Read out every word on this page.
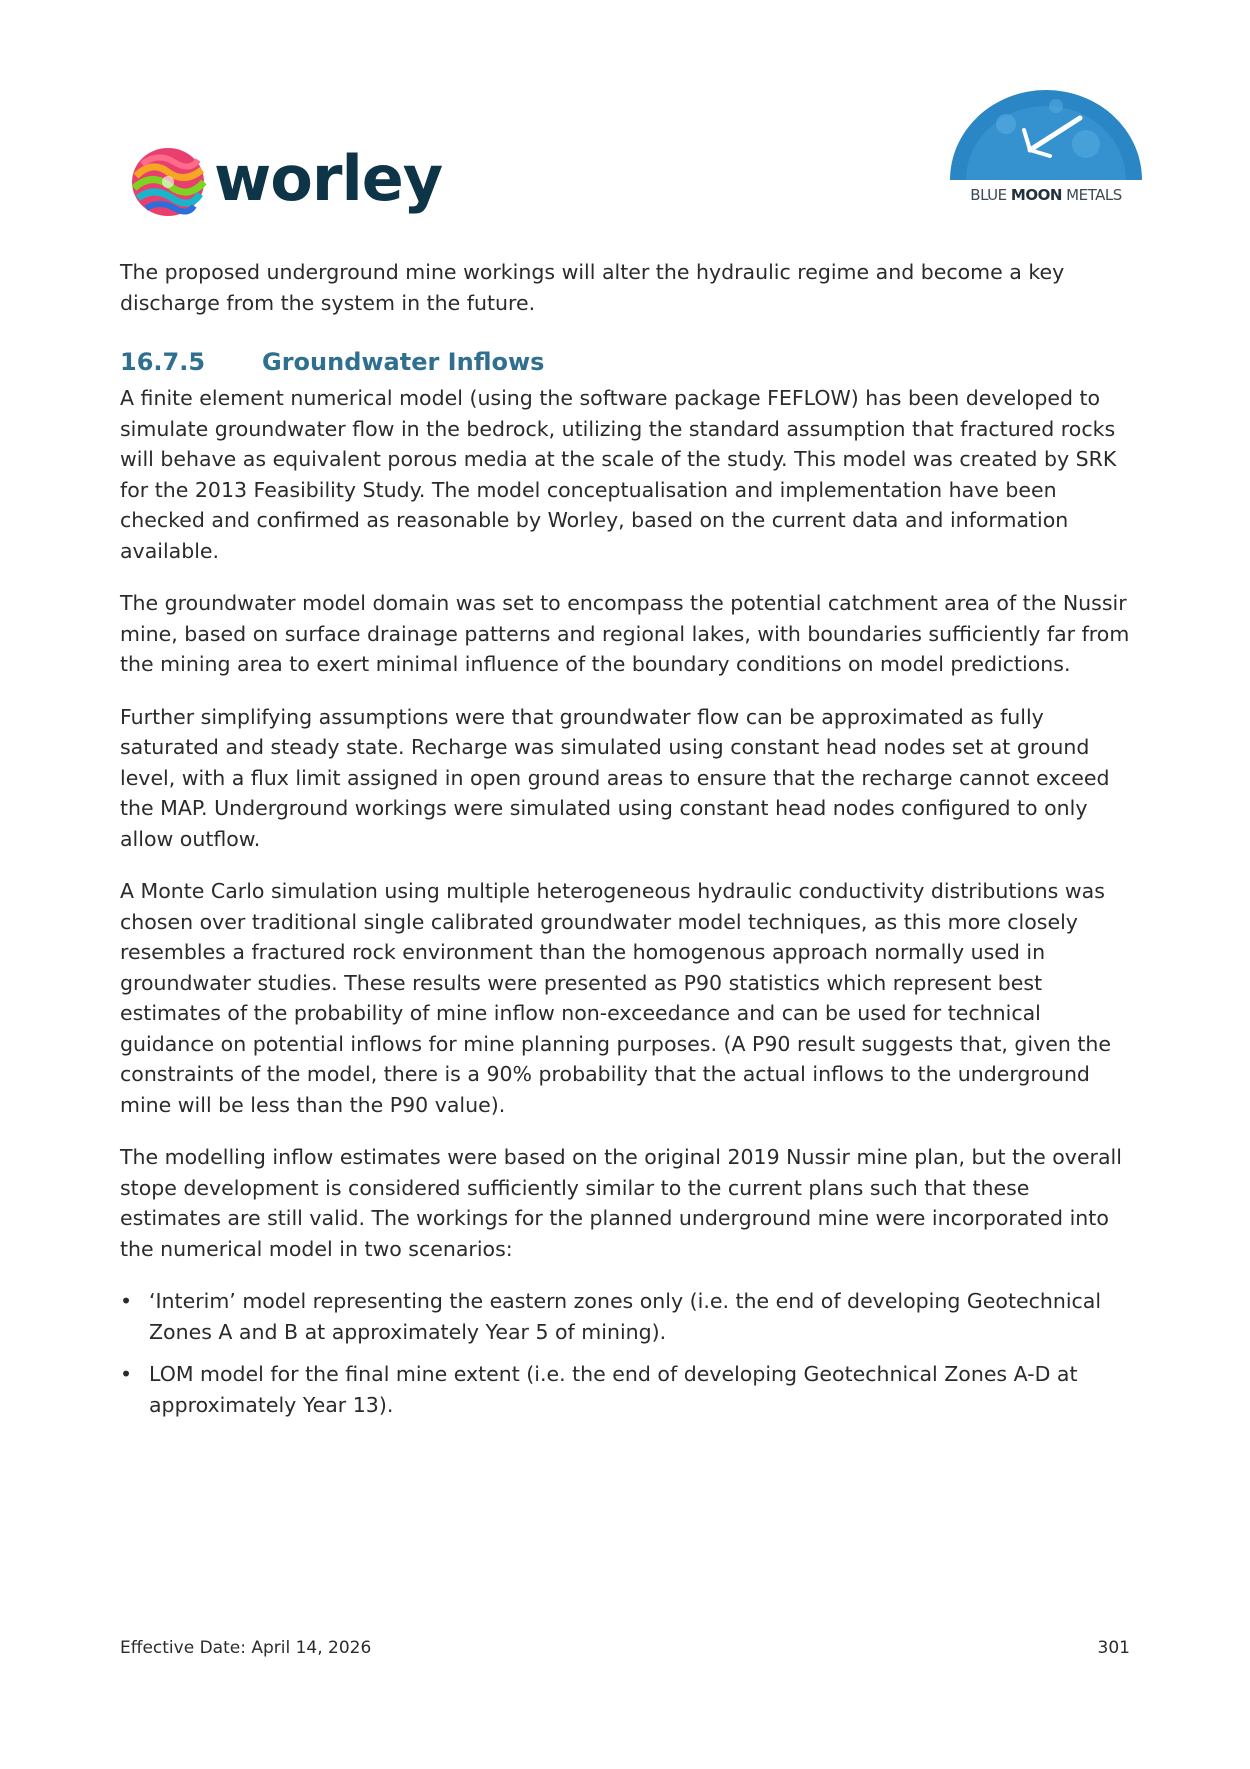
worley	BLUE MOON METALS

The proposed underground mine workings will alter the hydraulic regime and become a key discharge from the system in the future.

16.7.5 Groundwater Inflows

A finite element numerical model (using the software package FEFLOW) has been developed to simulate groundwater flow in the bedrock, utilizing the standard assumption that fractured rocks will behave as equivalent porous media at the scale of the study. This model was created by SRK for the 2013 Feasibility Study. The model conceptualisation and implementation have been checked and confirmed as reasonable by Worley, based on the current data and information available.

The groundwater model domain was set to encompass the potential catchment area of the Nussir mine, based on surface drainage patterns and regional lakes, with boundaries sufficiently far from the mining area to exert minimal influence of the boundary conditions on model predictions.

Further simplifying assumptions were that groundwater flow can be approximated as fully saturated and steady state. Recharge was simulated using constant head nodes set at ground level, with a flux limit assigned in open ground areas to ensure that the recharge cannot exceed the MAP. Underground workings were simulated using constant head nodes configured to only allow outflow.

A Monte Carlo simulation using multiple heterogeneous hydraulic conductivity distributions was chosen over traditional single calibrated groundwater model techniques, as this more closely resembles a fractured rock environment than the homogenous approach normally used in groundwater studies. These results were presented as P90 statistics which represent best estimates of the probability of mine inflow non-exceedance and can be used for technical guidance on potential inflows for mine planning purposes. (A P90 result suggests that, given the constraints of the model, there is a 90% probability that the actual inflows to the underground mine will be less than the P90 value).

The modelling inflow estimates were based on the original 2019 Nussir mine plan, but the overall stope development is considered sufficiently similar to the current plans such that these estimates are still valid. The workings for the planned underground mine were incorporated into the numerical model in two scenarios:

• ‘Interim’ model representing the eastern zones only (i.e. the end of developing Geotechnical Zones A and B at approximately Year 5 of mining).
• LOM model for the final mine extent (i.e. the end of developing Geotechnical Zones A-D at approximately Year 13).
Effective Date: April 14, 2026	301
